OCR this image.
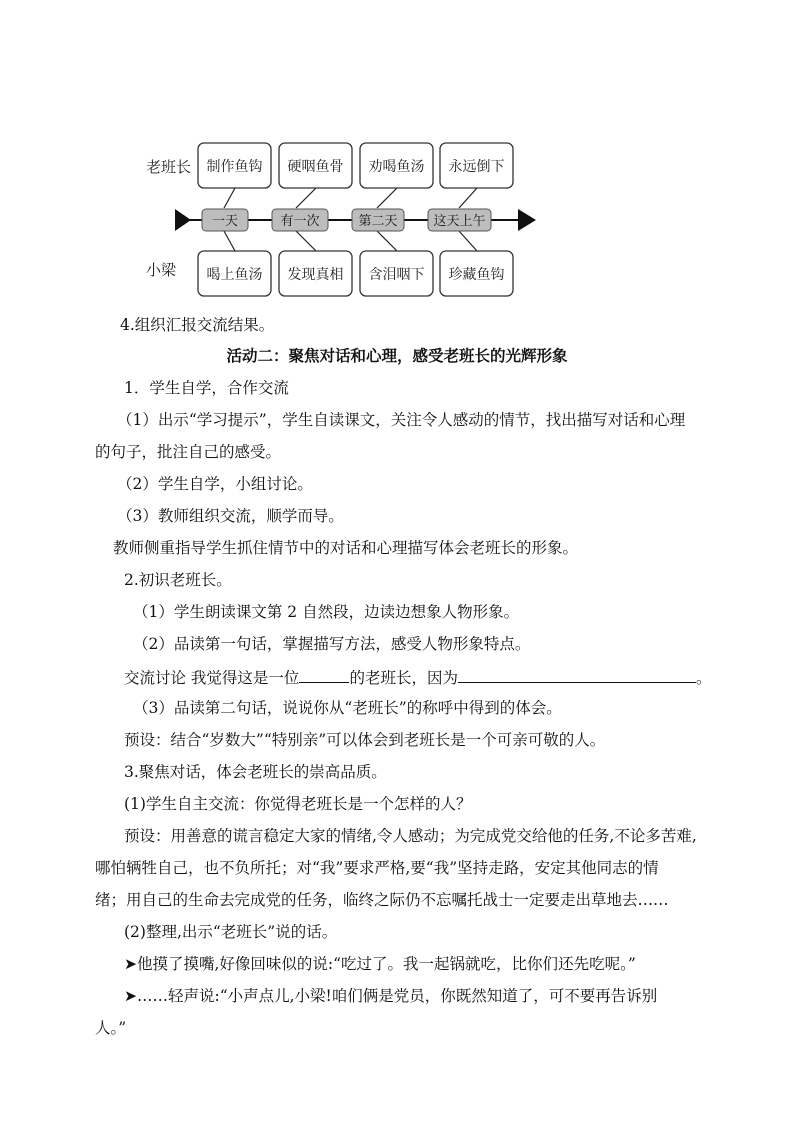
老班长
小梁
制作鱼钩 硬咽鱼骨 劝喝鱼汤 永远倒下
一天	有一次	第二天	这天上午
喝上鱼汤 发现真相 含泪咽下 珍藏鱼钩
4.组织汇报交流结果。
活动二：聚焦对话和心理，感受老班长的光辉形象
1．学生自学，合作交流
（1）出示“学习提示”，学生自读课文，关注令人感动的情节，找出描写对话和心理
的句子，批注自己的感受。
（2）学生自学，小组讨论。
（3）教师组织交流，顺学而导。
教师侧重指导学生抓住情节中的对话和心理描写体会老班长的形象。
2.初识老班长。
（1）学生朗读课文第 2 自然段，边读边想象人物形象。
（2）品读第一句话，掌握描写方法，感受人物形象特点。
交流讨论 我觉得这是一位	的老班长，因为	。
（3）品读第二句话，说说你从“老班长”的称呼中得到的体会。
预设：结合“岁数大”“特别亲”可以体会到老班长是一个可亲可敬的人。
3.聚焦对话，体会老班长的崇高品质。
(1)学生自主交流：你觉得老班长是一个怎样的人？
预设：用善意的谎言稳定大家的情绪,令人感动；为完成党交给他的任务,不论多苦难,
哪怕辆牲自己，也不负所托；对“我”要求严格,要“我”坚持走路，安定其他同志的情
绪；用自己的生命去完成党的任务，临终之际仍不忘嘱托战士一定要走出草地去……
(2)整理,出示“老班长”说的话。
➤他摸了摸嘴,好像回味似的说:“吃过了。我一起锅就吃，比你们还先吃呢。”
➤……轻声说:“小声点儿,小梁!咱们俩是党员，你既然知道了，可不要再告诉别
人。”
